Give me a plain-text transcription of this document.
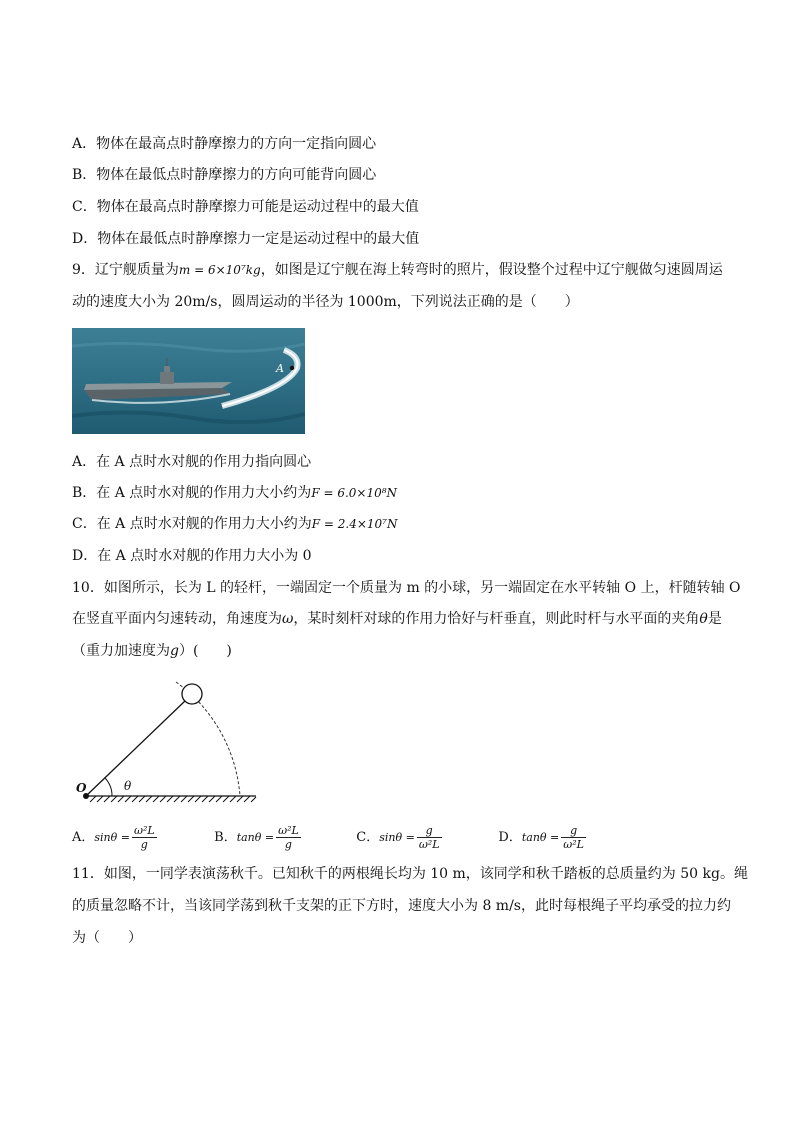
A．物体在最高点时静摩擦力的方向一定指向圆心
B．物体在最低点时静摩擦力的方向可能背向圆心
C．物体在最高点时静摩擦力可能是运动过程中的最大值
D．物体在最低点时静摩擦力一定是运动过程中的最大值
9．辽宁舰质量为m = 6×10⁷kg，如图是辽宁舰在海上转弯时的照片，假设整个过程中辽宁舰做匀速圆周运
动的速度大小为 20m/s，圆周运动的半径为 1000m，下列说法正确的是（　　）
A
A．在 A 点时水对舰的作用力指向圆心
B．在 A 点时水对舰的作用力大小约为F = 6.0×10⁸N
C．在 A 点时水对舰的作用力大小约为F = 2.4×10⁷N
D．在 A 点时水对舰的作用力大小为 0
10．如图所示，长为 L 的轻杆，一端固定一个质量为 m 的小球，另一端固定在水平转轴 O 上，杆随转轴 O
在竖直平面内匀速转动，角速度为ω，某时刻杆对球的作用力恰好与杆垂直，则此时杆与水平面的夹角θ是
（重力加速度为g）(　　)
O	θ
A．$\sin\theta = \frac{\text{ω²L}}{g}$	B．$\tan\theta = \frac{\text{ω²L}}{g}$	C．$\sin\theta = \frac{g}{\text{ω²L}}$	D．$\tan\theta = \frac{g}{\text{ω²L}}$
11．如图，一同学表演荡秋千。已知秋千的两根绳长均为 10 m，该同学和秋千踏板的总质量约为 50 kg。绳
的质量忽略不计，当该同学荡到秋千支架的正下方时，速度大小为 8 m/s，此时每根绳子平均承受的拉力约
为（　　）
